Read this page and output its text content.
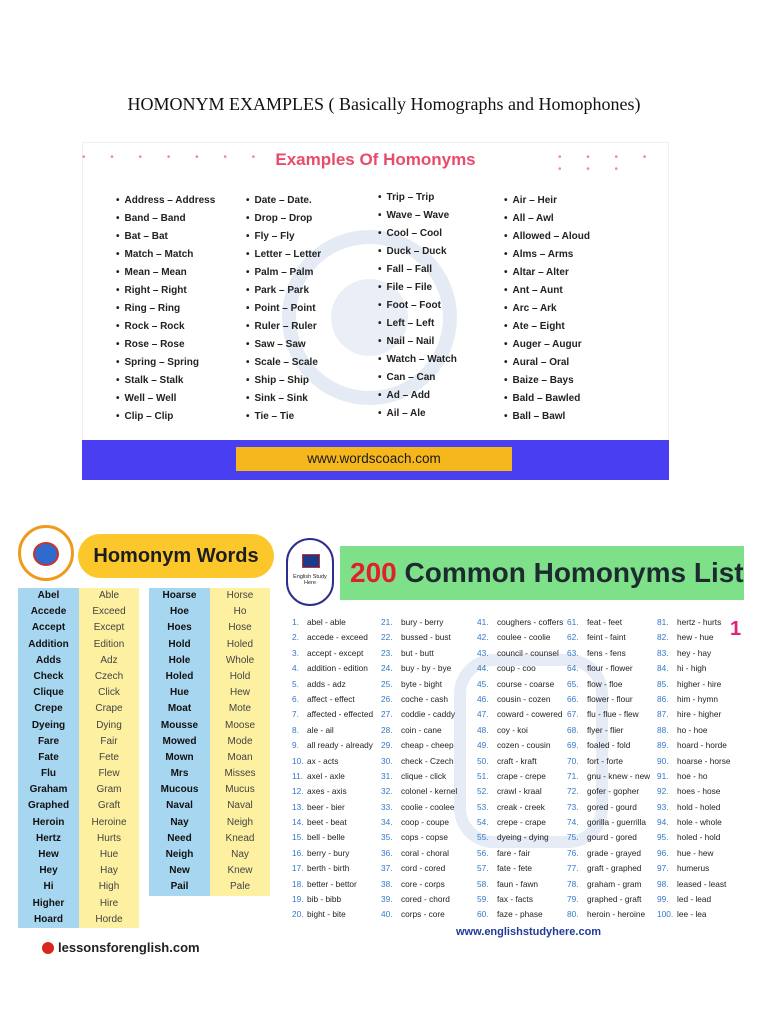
HOMONYM EXAMPLES ( Basically Homographs and Homophones)
• • • • • • •	• • • • • • •
Examples Of Homonyms
• Address – Address
• Band – Band
• Bat – Bat
• Match – Match
• Mean – Mean
• Right – Right
• Ring – Ring
• Rock – Rock
• Rose – Rose
• Spring – Spring
• Stalk – Stalk
• Well – Well
• Clip – Clip
• Date – Date.
• Drop – Drop
• Fly – Fly
• Letter – Letter
• Palm – Palm
• Park – Park
• Point – Point
• Ruler – Ruler
• Saw – Saw
• Scale – Scale
• Ship – Ship
• Sink – Sink
• Tie – Tie
• Trip – Trip
• Wave – Wave
• Cool – Cool
• Duck – Duck
• Fall – Fall
• File – File
• Foot – Foot
• Left – Left
• Nail – Nail
• Watch – Watch
• Can – Can
• Ad – Add
• Ail – Ale
• Air – Heir
• All – Awl
• Allowed – Aloud
• Alms – Arms
• Altar – Alter
• Ant – Aunt
• Arc – Ark
• Ate – Eight
• Auger – Augur
• Aural – Oral
• Baize – Bays
• Bald – Bawled
• Ball – Bawl
www.wordscoach.com
Homonym Words
Abel
Accede
Accept
Addition
Adds
Check
Clique
Crepe
Dyeing
Fare
Fate
Flu
Graham
Graphed
Heroin
Hertz
Hew
Hey
Hi
Higher
Hoard
Able
Exceed
Except
Edition
Adz
Czech
Click
Crape
Dying
Fair
Fete
Flew
Gram
Graft
Heroine
Hurts
Hue
Hay
High
Hire
Horde
Hoarse
Hoe
Hoes
Hold
Hole
Holed
Hue
Moat
Mousse
Mowed
Mown
Mrs
Mucous
Naval
Nay
Need
Neigh
New
Pail
Horse
Ho
Hose
Holed
Whole
Hold
Hew
Mote
Moose
Mode
Moan
Misses
Mucus
Naval
Neigh
Knead
Nay
Knew
Pale
lessonsforenglish.com
English Study Here	200 Common Homonyms List
1
1. abel - able
2. accede - exceed
3. accept - except
4. addition - edition
5. adds - adz
6. affect - effect
7. affected - effected
8. ale - ail
9. all ready - already
10. ax - acts
11. axel - axle
12. axes - axis
13. beer - bier
14. beet - beat
15. bell - belle
16. berry - bury
17. berth - birth
18. better - bettor
19. bib - bibb
20. bight - bite
21. bury - berry
22. bussed - bust
23. but - butt
24. buy - by - bye
25. byte - bight
26. coche - cash
27. coddie - caddy
28. coin - cane
29. cheap - cheep
30. check - Czech
31. clique - click
32. colonel - kernel
33. coolie - coolee
34. coop - coupe
35. cops - copse
36. coral - choral
37. cord - cored
38. core - corps
39. cored - chord
40. corps - core
41. coughers - coffers
42. coulee - coolie
43. council - counsel
44. coup - coo
45. course - coarse
46. cousin - cozen
47. coward - cowered
48. coy - koi
49. cozen - cousin
50. craft - kraft
51. crape - crepe
52. crawl - kraal
53. creak - creek
54. crepe - crape
55. dyeing - dying
56. fare - fair
57. fate - fete
58. faun - fawn
59. fax - facts
60. faze - phase
61. feat - feet
62. feint - faint
63. fens - fens
64. flour - flower
65. flow - floe
66. flower - flour
67. flu - flue - flew
68. flyer - flier
69. foaled - fold
70. fort - forte
71. gnu - knew - new
72. gofer - gopher
73. gored - gourd
74. gorilla - guerrilla
75. gourd - gored
76. grade - grayed
77. graft - graphed
78. graham - gram
79. graphed - graft
80. heroin - heroine
81. hertz - hurts
82. hew - hue
83. hey - hay
84. hi - high
85. higher - hire
86. him - hymn
87. hire - higher
88. ho - hoe
89. hoard - horde
90. hoarse - horse
91. hoe - ho
92. hoes - hose
93. hold - holed
94. hole - whole
95. holed - hold
96. hue - hew
97. humerus
98. leased - least
99. led - lead
100. lee - lea
www.englishstudyhere.com
